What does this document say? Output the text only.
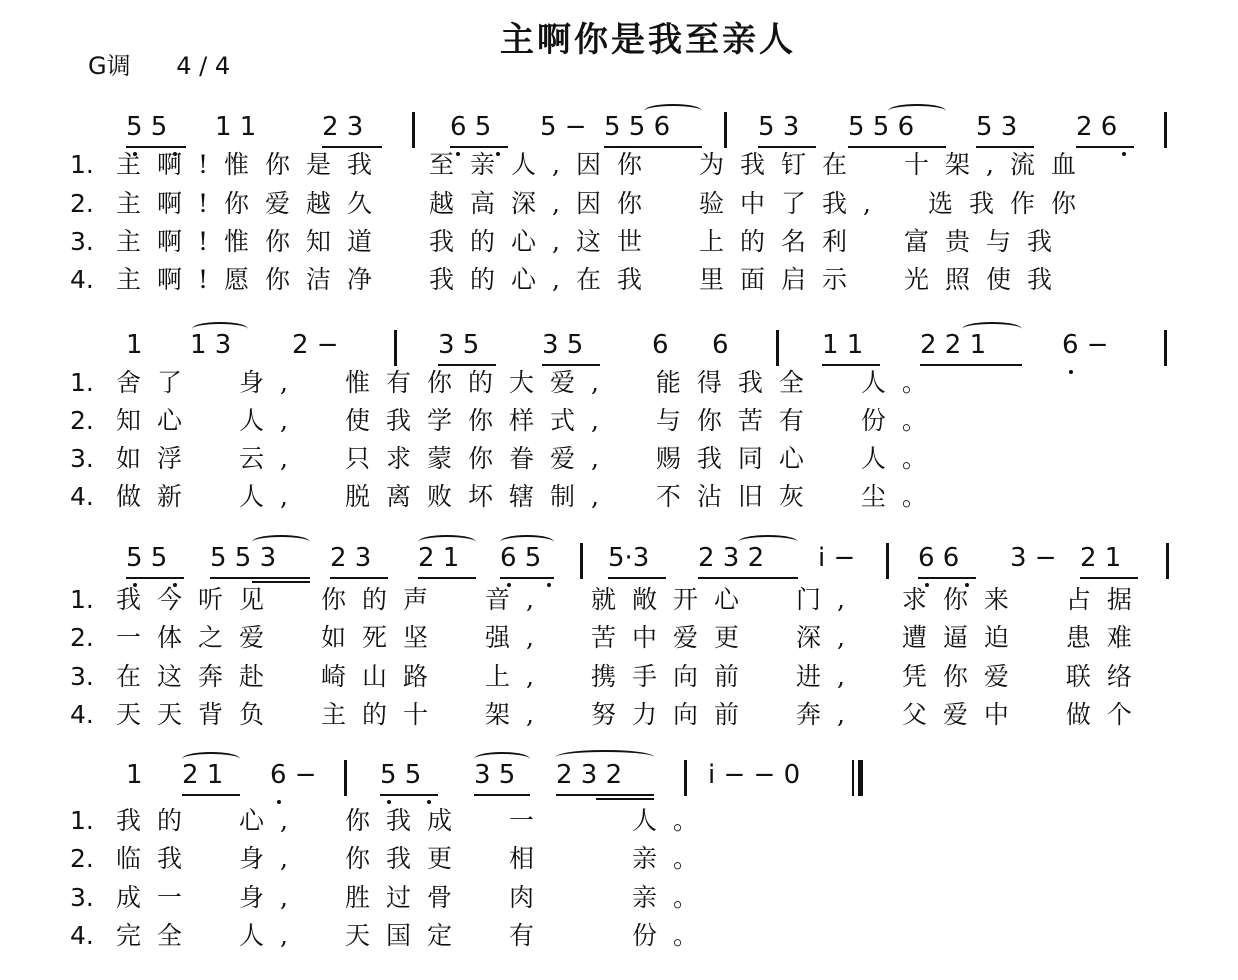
主啊你是我至亲人
G调 4 / 4
5 5 1 1	2 3	6 5 5 − 5 5 6	5 3 5 5 6 5 3 2 6
1. 主啊!惟你是我　至亲人,因你　为我钉在　十架,流血
2. 主啊!你爱越久　越高深,因你　验中了我,　选我作你
3. 主啊!惟你知道　我的心,这世　上的名利　富贵与我
4. 主啊!愿你洁净　我的心,在我　里面启示　光照使我
1 1 3 2 −	3 5 3 5	6 6	1 1 2 2 1	6 −
1. 舍了　身,　惟有你的大爱,　能得我全　人。
2. 知心　人,　使我学你样式,　与你苦有　份。
3. 如浮　云,　只求蒙你眷爱,　赐我同心　人。
4. 做新　人,　脱离败坏辖制,　不沾旧灰　尘。
5 5 5 5 3 2 3 2 1 6 5	5·3 2 3 2 i − 6 6 3 − 2 1
1. 我今听见　你的声　音,　就敞开心　门,　求你来　占据
2. 一体之爱　如死坚　强,　苦中爱更　深,　遭逼迫　患难
3. 在这奔赴　崎山路　上,　携手向前　进,　凭你爱　联络
4. 天天背负　主的十　架,　努力向前　奔,　父爱中　做个
1 2 1 6 − 5 5 3 5 2 3 2	i − − 0
1. 我的　心,　你我成　一　　人。
2. 临我　身,　你我更　相　　亲。
3. 成一　身,　胜过骨　肉　　亲。
4. 完全　人,　天国定　有　　份。
